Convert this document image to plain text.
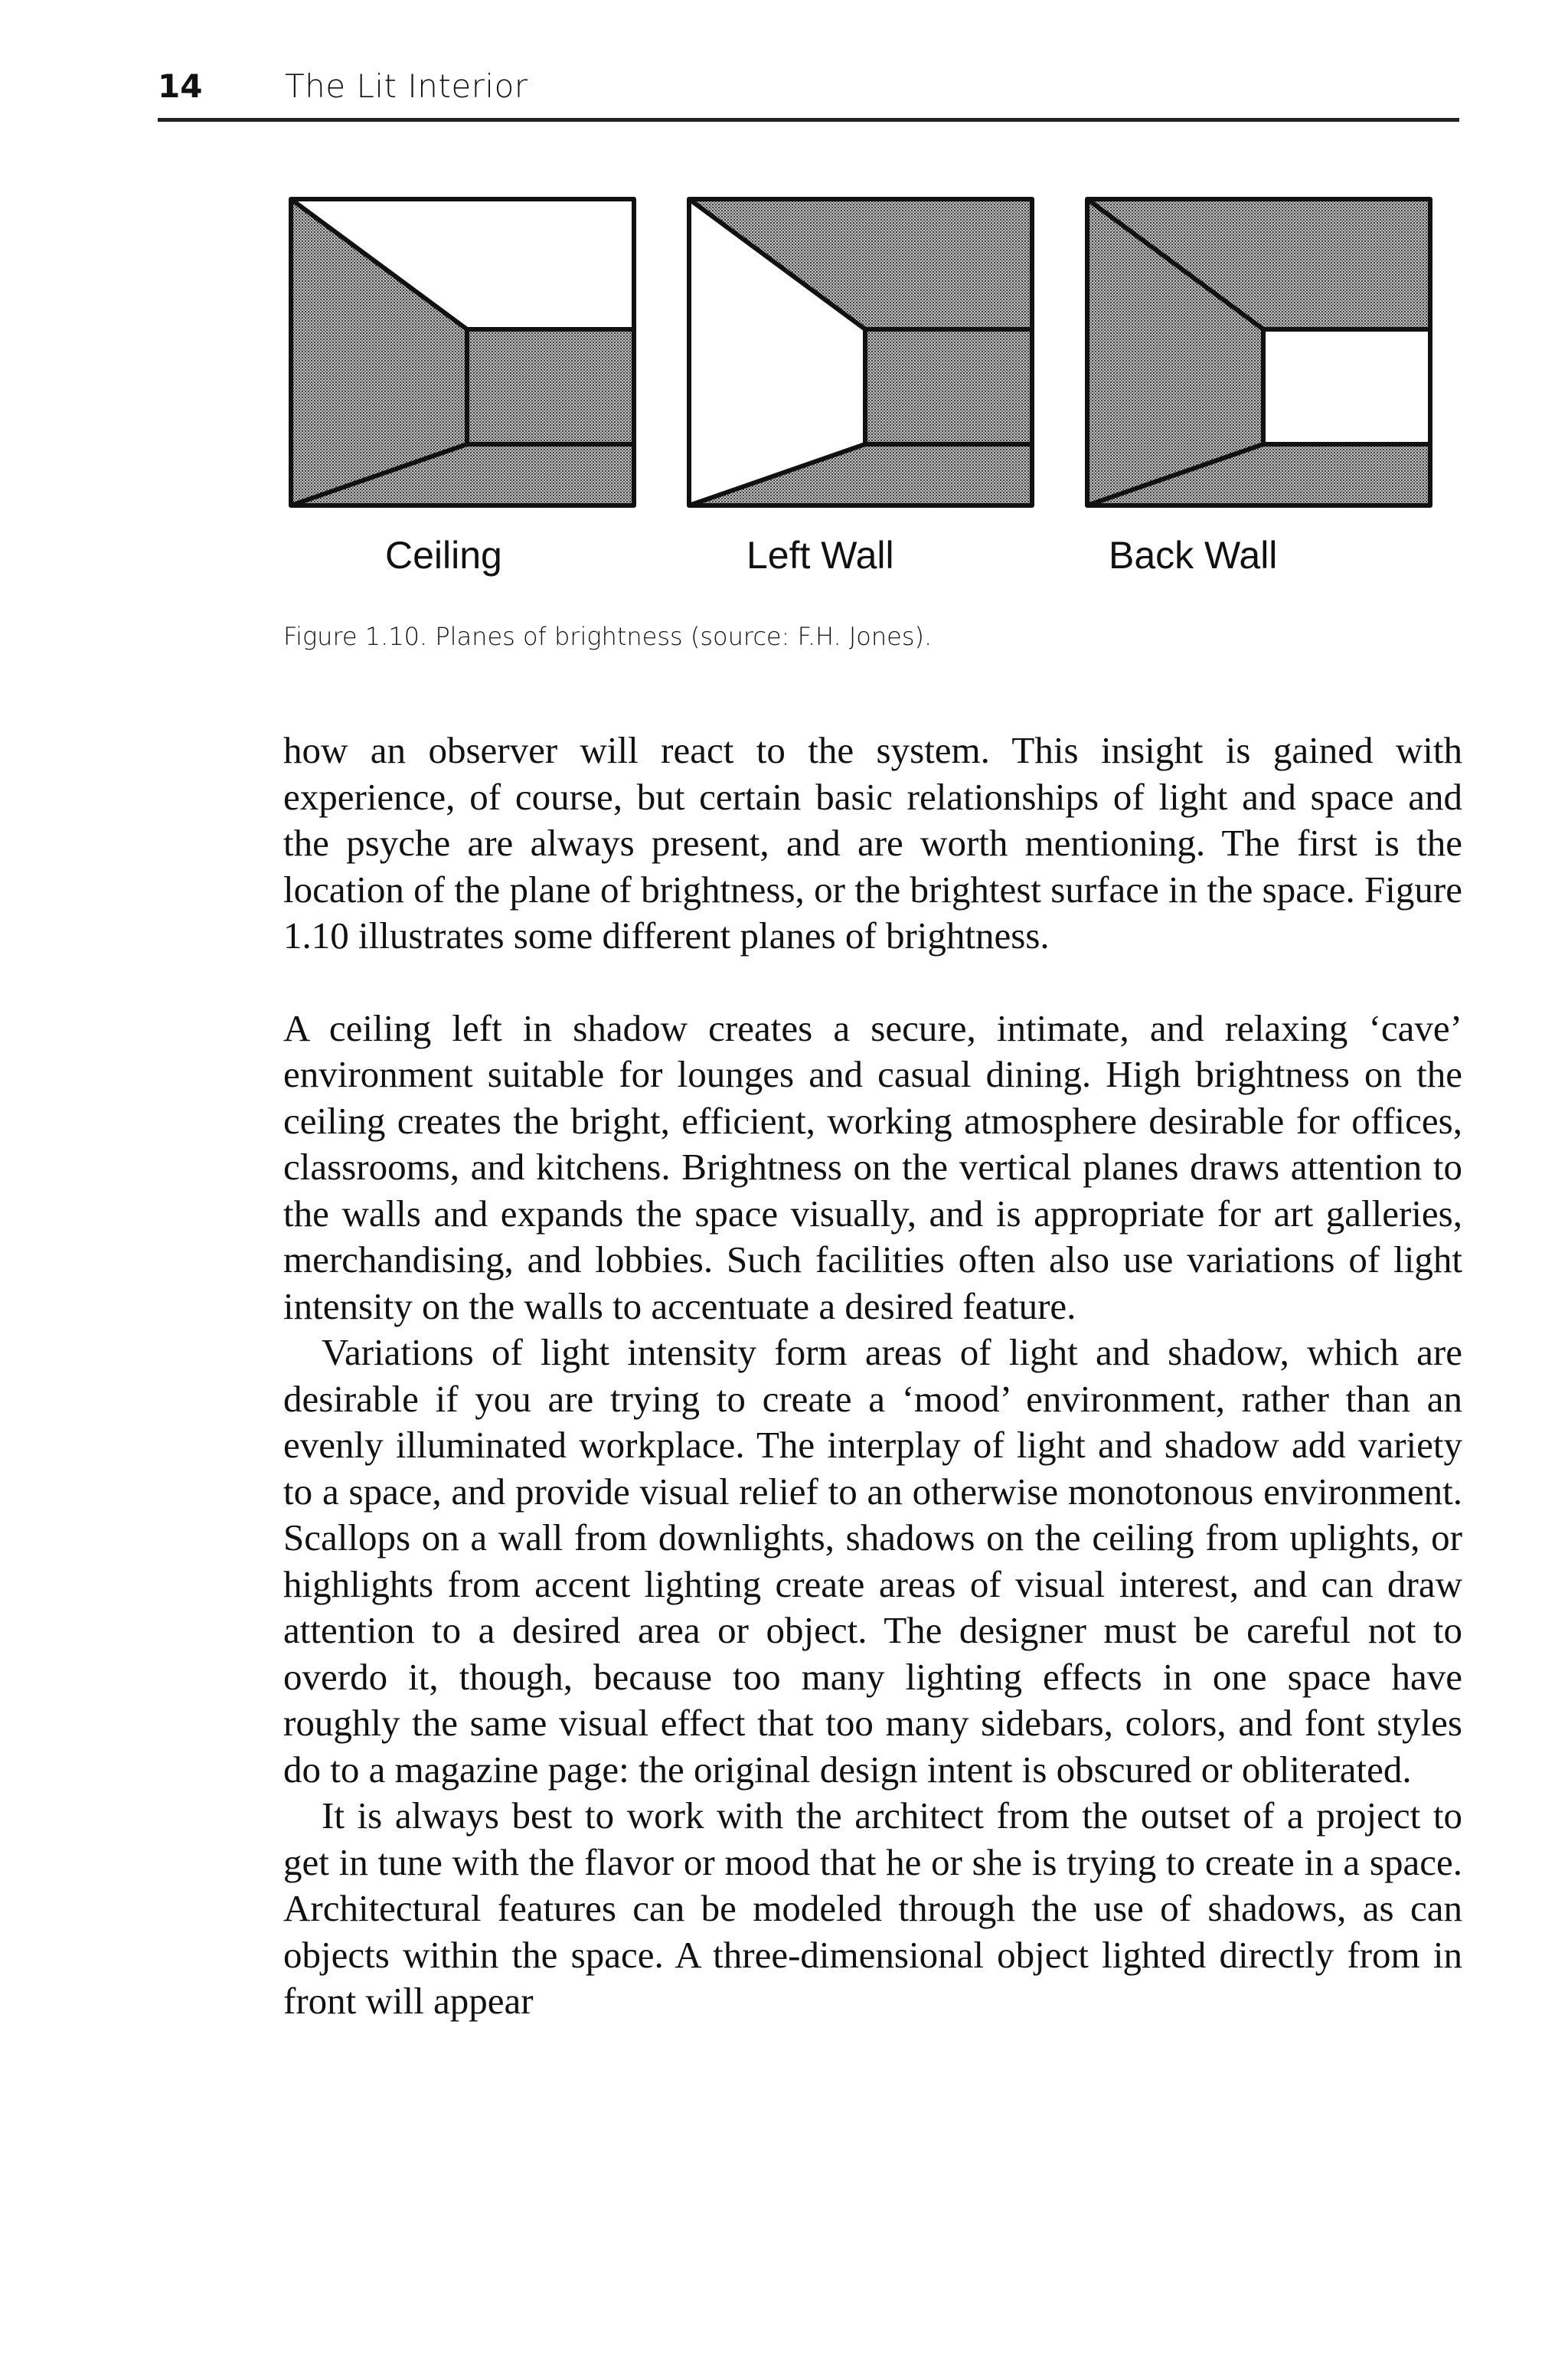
14	The Lit Interior
Ceiling	Left Wall	Back Wall
Figure 1.10. Planes of brightness (source: F.H. Jones).

how an observer will react to the system. This insight is gained with experience, of course, but certain basic relationships of light and space and the psyche are always present, and are worth mentioning. The first is the location of the plane of brightness, or the brightest surface in the space. Figure 1.10 illustrates some different planes of brightness.

A ceiling left in shadow creates a secure, intimate, and relaxing ‘cave’ environment suitable for lounges and casual dining. High brightness on the ceiling creates the bright, efficient, working atmosphere desirable for offices, classrooms, and kitchens. Brightness on the vertical planes draws attention to the walls and expands the space visually, and is appropriate for art galleries, merchandising, and lobbies. Such facilities often also use variations of light intensity on the walls to accentuate a desired feature.

Variations of light intensity form areas of light and shadow, which are desirable if you are trying to create a ‘mood’ environment, rather than an evenly illuminated workplace. The interplay of light and shadow add variety to a space, and provide visual relief to an otherwise monotonous environment. Scallops on a wall from downlights, shadows on the ceiling from uplights, or highlights from accent lighting create areas of visual interest, and can draw attention to a desired area or object. The designer must be careful not to overdo it, though, because too many lighting effects in one space have roughly the same visual effect that too many sidebars, colors, and font styles do to a magazine page: the original design intent is obscured or obliterated.

It is always best to work with the architect from the outset of a project to get in tune with the flavor or mood that he or she is trying to create in a space. Architectural features can be modeled through the use of shadows, as can objects within the space. A three-dimensional object lighted directly from in front will appear
